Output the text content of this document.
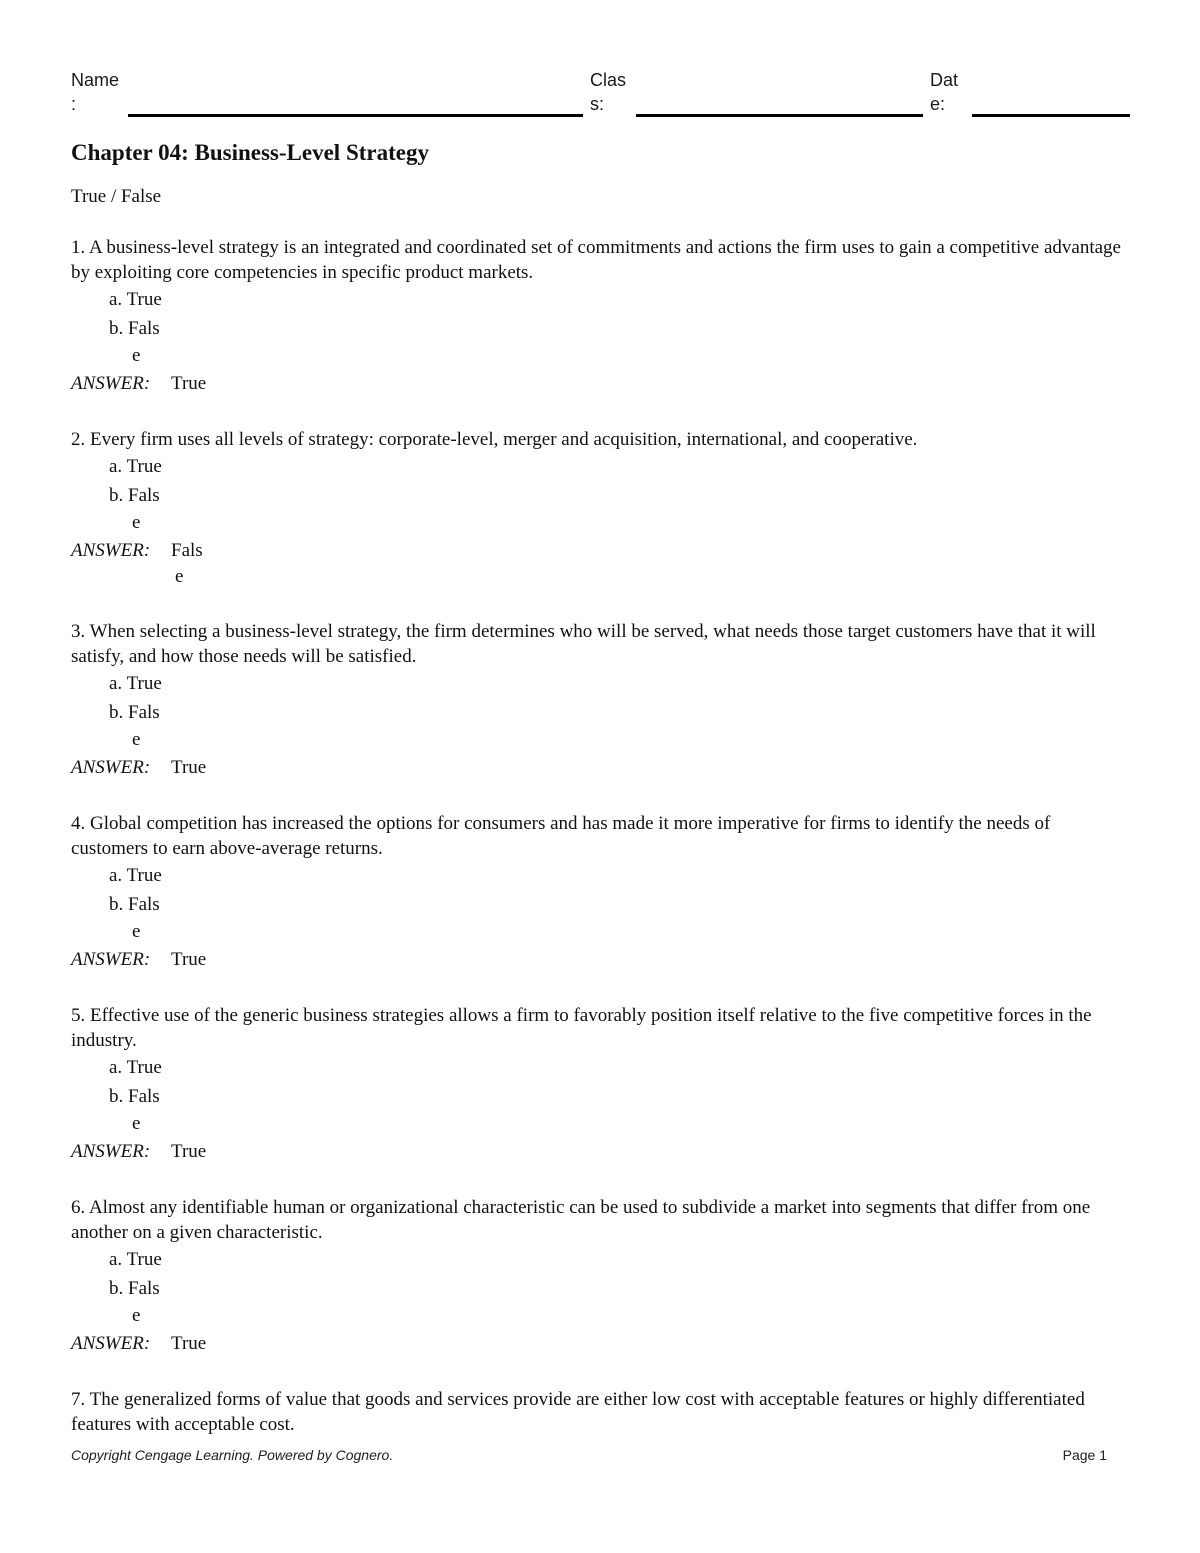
Name
:
Clas
s:
Dat
e:
Chapter 04: Business-Level Strategy
True / False

1. A business-level strategy is an integrated and coordinated set of commitments and actions the firm uses to gain a competitive advantage by exploiting core competencies in specific product markets.

a. True
b. Fals
e
ANSWER: True

2. Every firm uses all levels of strategy: corporate-level, merger and acquisition, international, and cooperative.

a. True
b. Fals
e
ANSWER: Fals
e

3. When selecting a business-level strategy, the firm determines who will be served, what needs those target customers have that it will satisfy, and how those needs will be satisfied.

a. True
b. Fals
e
ANSWER: True

4. Global competition has increased the options for consumers and has made it more imperative for firms to identify the needs of customers to earn above-average returns.

a. True
b. Fals
e
ANSWER: True

5. Effective use of the generic business strategies allows a firm to favorably position itself relative to the five competitive forces in the industry.

a. True
b. Fals
e
ANSWER: True

6. Almost any identifiable human or organizational characteristic can be used to subdivide a market into segments that differ from one another on a given characteristic.

a. True
b. Fals
e
ANSWER: True

7. The generalized forms of value that goods and services provide are either low cost with acceptable features or highly differentiated features with acceptable cost.

Copyright Cengage Learning. Powered by Cognero.	Page 1
